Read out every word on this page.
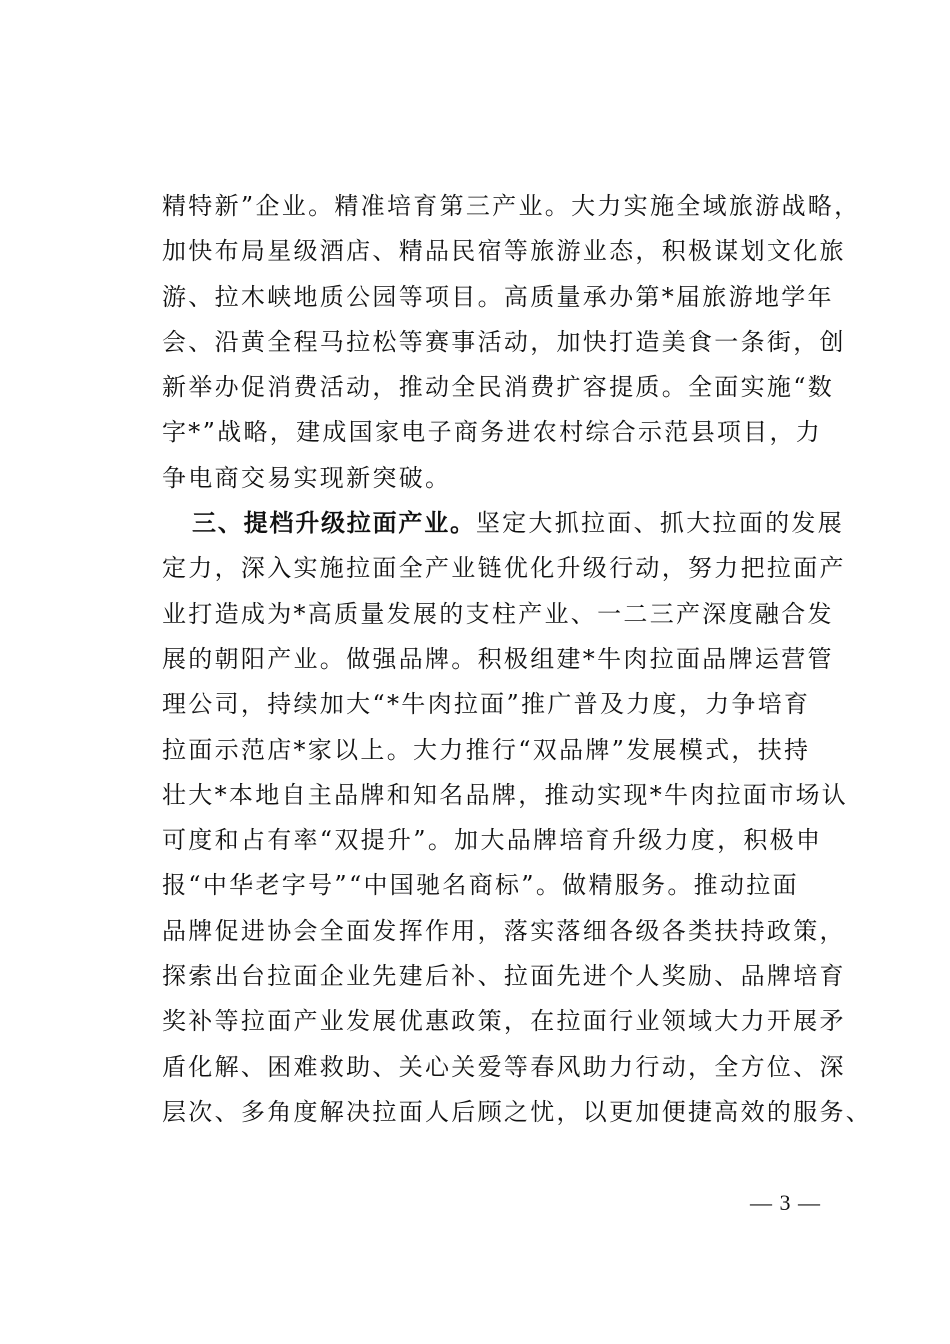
精特新”企业。精准培育第三产业。大力实施全域旅游战略，
加快布局星级酒店、精品民宿等旅游业态，积极谋划文化旅
游、拉木峡地质公园等项目。高质量承办第*届旅游地学年
会、沿黄全程马拉松等赛事活动，加快打造美食一条街，创
新举办促消费活动，推动全民消费扩容提质。全面实施“数
字*”战略，建成国家电子商务进农村综合示范县项目，力
争电商交易实现新突破。
三、提档升级拉面产业。坚定大抓拉面、抓大拉面的发展
定力，深入实施拉面全产业链优化升级行动，努力把拉面产
业打造成为*高质量发展的支柱产业、一二三产深度融合发
展的朝阳产业。做强品牌。积极组建*牛肉拉面品牌运营管
理公司，持续加大“*牛肉拉面”推广普及力度，力争培育
拉面示范店*家以上。大力推行“双品牌”发展模式，扶持
壮大*本地自主品牌和知名品牌，推动实现*牛肉拉面市场认
可度和占有率“双提升”。加大品牌培育升级力度，积极申
报“中华老字号”“中国驰名商标”。做精服务。推动拉面
品牌促进协会全面发挥作用，落实落细各级各类扶持政策，
探索出台拉面企业先建后补、拉面先进个人奖励、品牌培育
奖补等拉面产业发展优惠政策，在拉面行业领域大力开展矛
盾化解、困难救助、关心关爱等春风助力行动，全方位、深
层次、多角度解决拉面人后顾之忧，以更加便捷高效的服务、
— 3 —
